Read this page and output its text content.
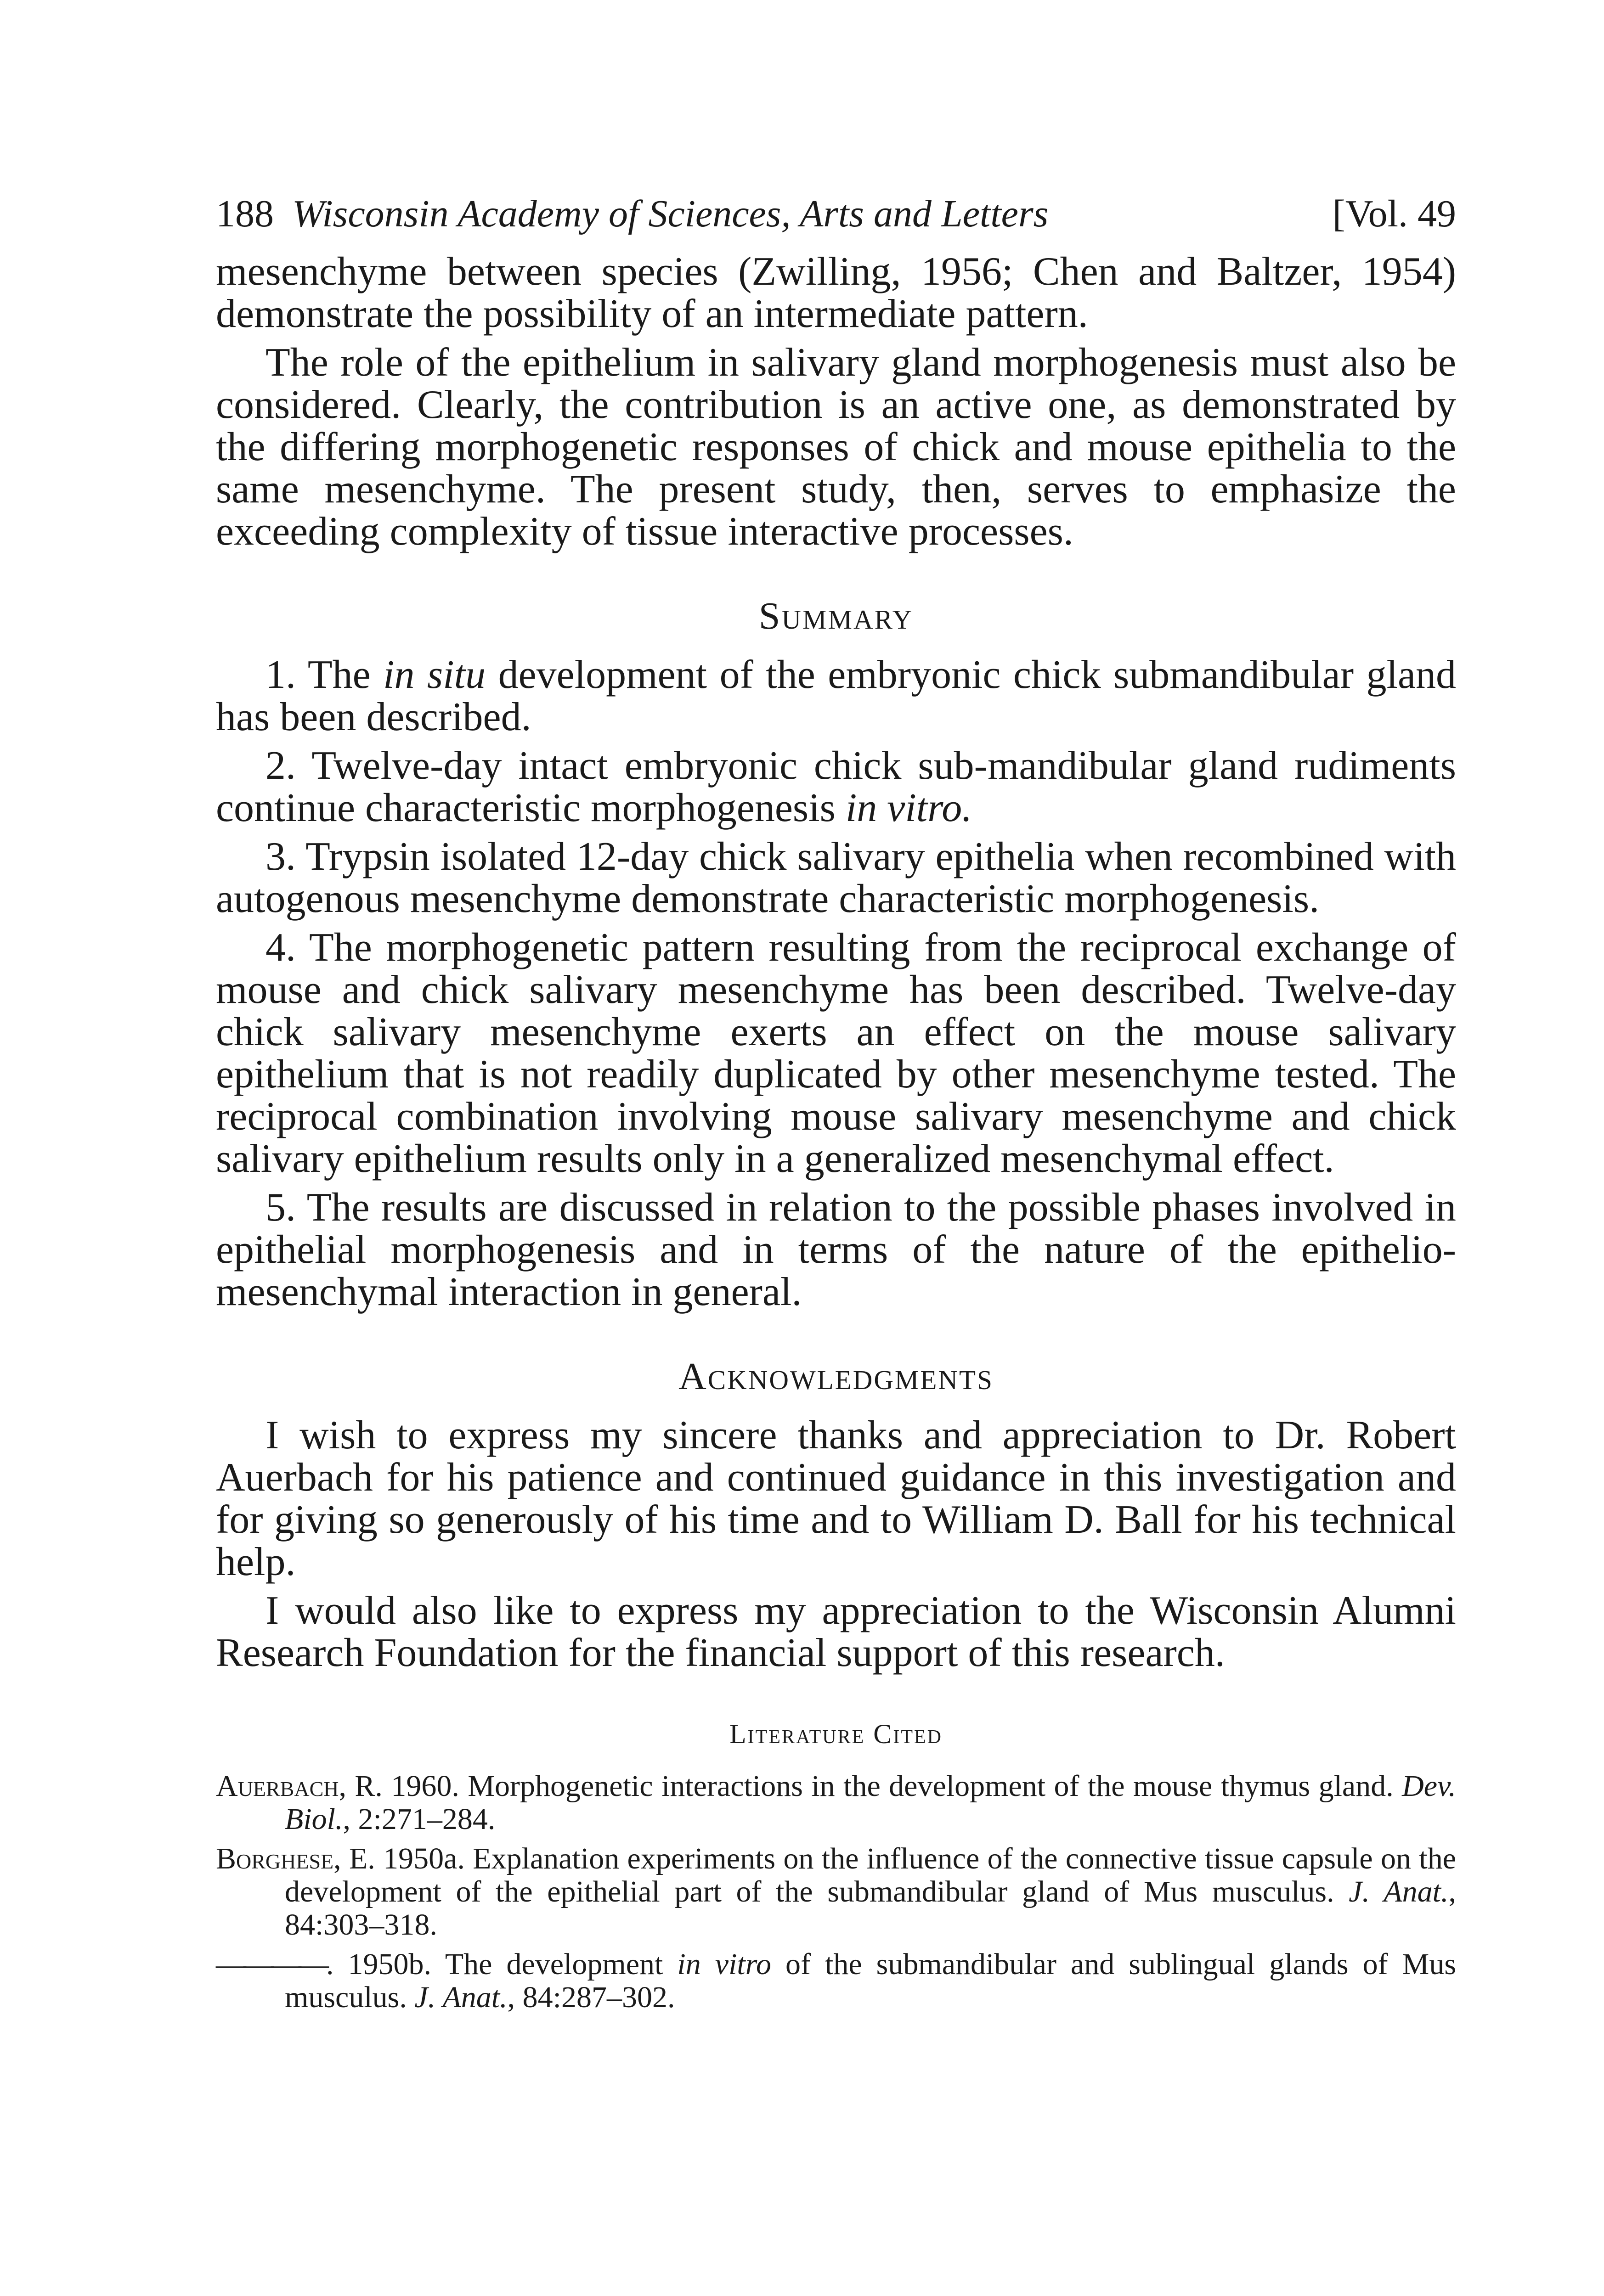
188 Wisconsin Academy of Sciences, Arts and Letters	[Vol. 49

mesenchyme between species (Zwilling, 1956; Chen and Baltzer, 1954) demonstrate the possibility of an intermediate pattern.

The role of the epithelium in salivary gland morphogenesis must also be considered. Clearly, the contribution is an active one, as demonstrated by the differing morphogenetic responses of chick and mouse epithelia to the same mesenchyme. The present study, then, serves to emphasize the exceeding complexity of tissue interactive processes.

Summary

1. The in situ development of the embryonic chick submandibular gland has been described.

2. Twelve-day intact embryonic chick sub-mandibular gland rudiments continue characteristic morphogenesis in vitro.

3. Trypsin isolated 12-day chick salivary epithelia when recombined with autogenous mesenchyme demonstrate characteristic morphogenesis.

4. The morphogenetic pattern resulting from the reciprocal exchange of mouse and chick salivary mesenchyme has been described. Twelve-day chick salivary mesenchyme exerts an effect on the mouse salivary epithelium that is not readily duplicated by other mesenchyme tested. The reciprocal combination involving mouse salivary mesenchyme and chick salivary epithelium results only in a generalized mesenchymal effect.

5. The results are discussed in relation to the possible phases involved in epithelial morphogenesis and in terms of the nature of the epithelio-mesenchymal interaction in general.

Acknowledgments

I wish to express my sincere thanks and appreciation to Dr. Robert Auerbach for his patience and continued guidance in this investigation and for giving so generously of his time and to William D. Ball for his technical help.

I would also like to express my appreciation to the Wisconsin Alumni Research Foundation for the financial support of this research.

Literature Cited
Auerbach, R. 1960. Morphogenetic interactions in the development of the mouse thymus gland. Dev. Biol., 2:271–284.
Borghese, E. 1950a. Explanation experiments on the influence of the connective tissue capsule on the development of the epithelial part of the submandibular gland of Mus musculus. J. Anat., 84:303–318.
————. 1950b. The development in vitro of the submandibular and sublingual glands of Mus musculus. J. Anat., 84:287–302.
